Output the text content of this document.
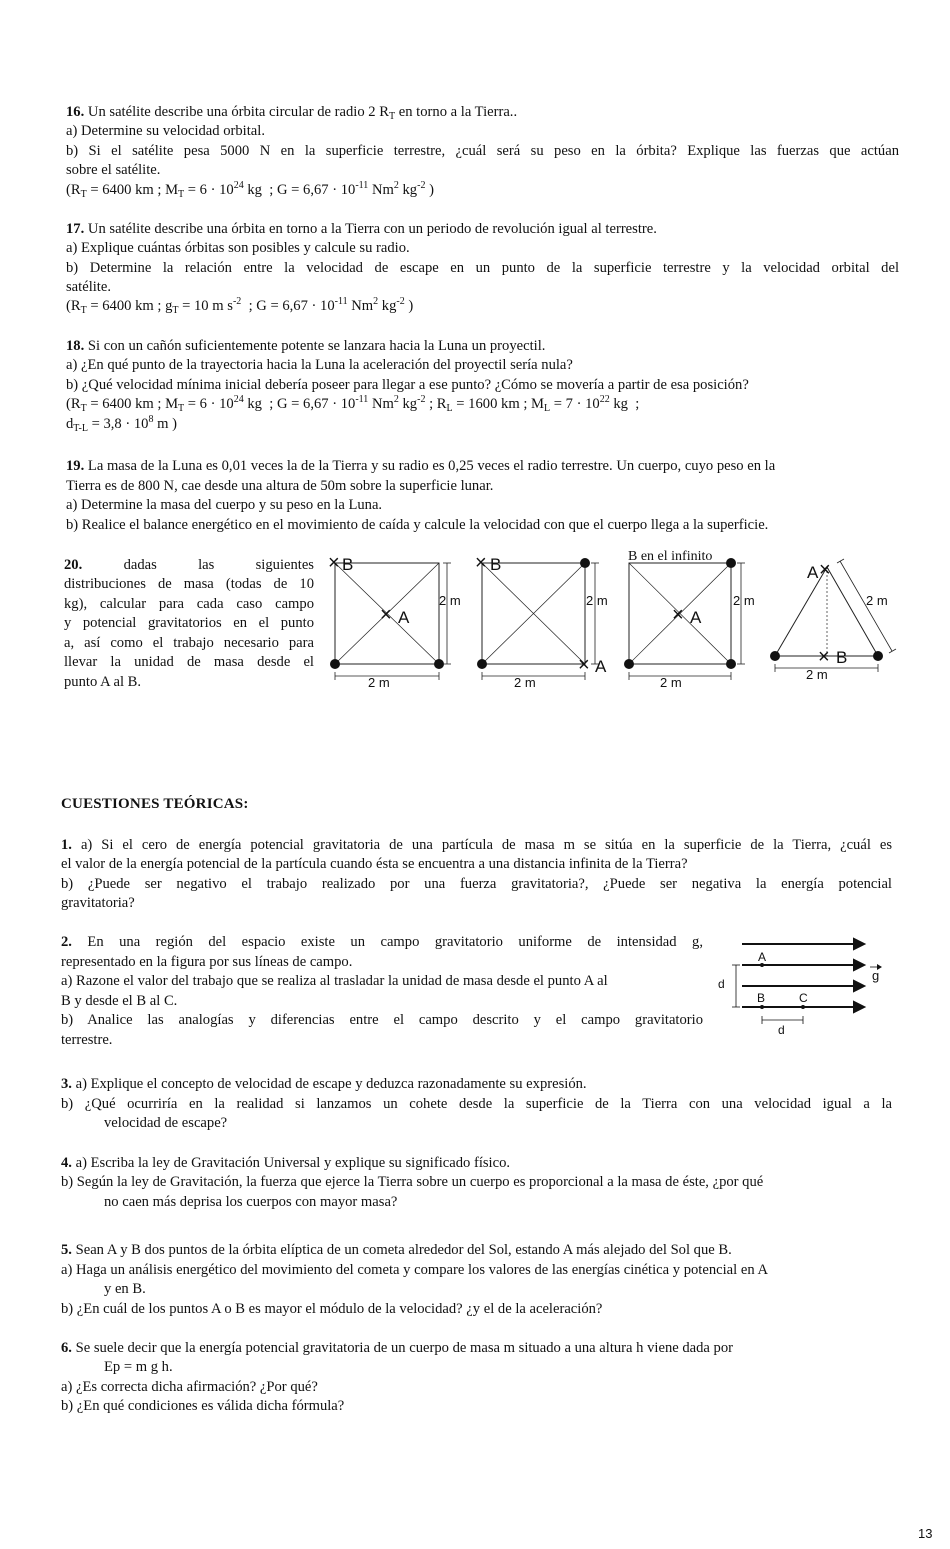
16. Un satélite describe una órbita circular de radio 2 $R_T$ en torno a la Tierra..
a) Determine su velocidad orbital.
b) Si el satélite pesa 5000 N en la superficie terrestre, ¿cuál será su peso en la órbita? Explique las fuerzas que actúan
sobre el satélite.
($R_T = 6400$ km ; $M_T = 6 \cdot 10^{24}$ kg  ; $G = 6,67 \cdot 10^{-11}$ Nm$^2$ $kg^{-2}$ )
17. Un satélite describe una órbita en torno a la Tierra con un periodo de revolución igual al terrestre.
a) Explique cuántas órbitas son posibles y calcule su radio.
b) Determine la relación entre la velocidad de escape en un punto de la superficie terrestre y la velocidad orbital del
satélite.
($R_T = 6400$ km ; $g_T = 10$ m $s^{-2}$  ; $G = 6,67 \cdot 10^{-11}$ Nm$^2$ $kg^{-2}$ )
18. Si con un cañón suficientemente potente se lanzara hacia la Luna un proyectil.
a) ¿En qué punto de la trayectoria hacia la Luna la aceleración del proyectil sería nula?
b) ¿Qué velocidad mínima inicial debería poseer para llegar a ese punto? ¿Cómo se movería a partir de esa posición?
($R_T = 6400$ km ; $M_T = 6 \cdot 10^{24}$ kg  ; $G = 6,67 \cdot 10^{-11}$ Nm$^2$ $kg^{-2}$ ; $R_L = 1600$ km ; $M_L = 7 \cdot 10^{22}$ kg  ;
$d_{T-L} = 3,8 \cdot 10^8$ m )
19. La masa de la Luna es 0,01 veces la de la Tierra y su radio es 0,25 veces el radio terrestre. Un cuerpo, cuyo peso en la
Tierra es de 800 N, cae desde una altura de 50m sobre la superficie lunar.
a) Determine la masa del cuerpo y su peso en la Luna.
b) Realice el balance energético en el movimiento de caída y calcule la velocidad con que el cuerpo llega a la superficie.
20.	dadas las siguientes
distribuciones de masa (todas de 10
kg), calcular para cada caso campo
y potencial gravitatorios en el punto
a, así como el trabajo necesario para
llevar la unidad de masa desde el
punto A al B.
× B
× A
2 m
2 m
× B
× A
2 m
2 m
B en el infinito
× A
2 m
2 m
A ×
× B
2 m
2 m
CUESTIONES TEÓRICAS:
1. a) Si el cero de energía potencial gravitatoria de una partícula de masa m se sitúa en la superficie de la Tierra, ¿cuál es
el valor de la energía potencial de la partícula cuando ésta se encuentra a una distancia infinita de la Tierra?
b) ¿Puede ser negativo el trabajo realizado por una fuerza gravitatoria?, ¿Puede ser negativa la energía potencial
gravitatoria?
2. En una región del espacio existe un campo gravitatorio uniforme de intensidad g,
representado en la figura por sus líneas de campo.
a) Razone el valor del trabajo que se realiza al trasladar la unidad de masa desde el punto A al
B y desde el B al C.
b) Analice las analogías y diferencias entre el campo descrito y el campo gravitatorio
terrestre.
A
B	C
d
d
g
3. a) Explique el concepto de velocidad de escape y deduzca razonadamente su expresión.
b) ¿Qué ocurriría en la realidad si lanzamos un cohete desde la superficie de la Tierra con una velocidad igual a la
velocidad de escape?
4. a) Escriba la ley de Gravitación Universal y explique su significado físico.
b) Según la ley de Gravitación, la fuerza que ejerce la Tierra sobre un cuerpo es proporcional a la masa de éste, ¿por qué
no caen más deprisa los cuerpos con mayor masa?
5. Sean A y B dos puntos de la órbita elíptica de un cometa alrededor del Sol, estando A más alejado del Sol que B.
a) Haga un análisis energético del movimiento del cometa y compare los valores de las energías cinética y potencial en A
y en B.
b) ¿En cuál de los puntos A o B es mayor el módulo de la velocidad? ¿y el de la aceleración?
6. Se suele decir que la energía potencial gravitatoria de un cuerpo de masa m situado a una altura h viene dada por
Ep = m g h.
a) ¿Es correcta dicha afirmación? ¿Por qué?
b) ¿En qué condiciones es válida dicha fórmula?
13
